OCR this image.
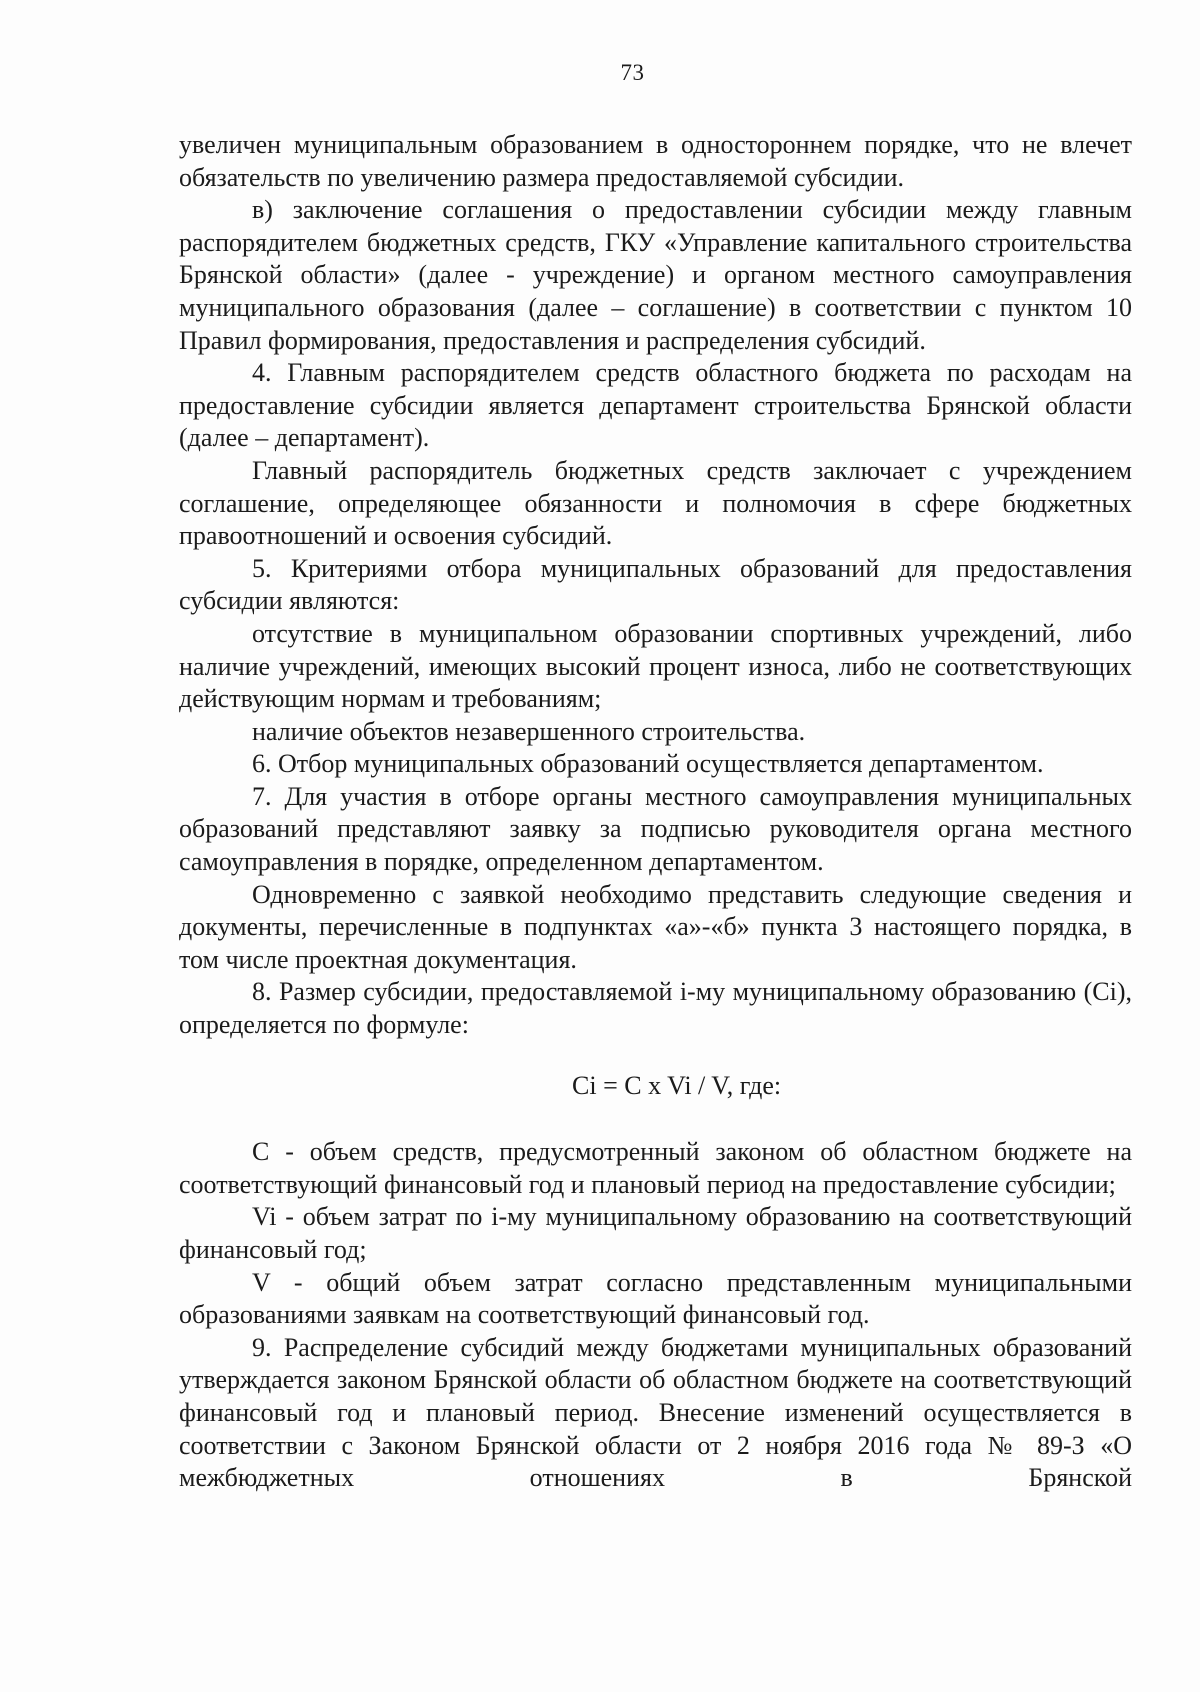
73

увеличен муниципальным образованием в одностороннем порядке, что не влечет обязательств по увеличению размера предоставляемой субсидии.

в) заключение соглашения о предоставлении субсидии между главным распорядителем бюджетных средств, ГКУ «Управление капитального строительства Брянской области» (далее - учреждение) и органом местного самоуправления муниципального образования (далее – соглашение) в соответствии с пунктом 10 Правил формирования, предоставления и распределения субсидий.

4. Главным распорядителем средств областного бюджета по расходам на предоставление субсидии является департамент строительства Брянской области (далее – департамент).

Главный распорядитель бюджетных средств заключает с учреждением соглашение, определяющее обязанности и полномочия в сфере бюджетных правоотношений и освоения субсидий.

5. Критериями отбора муниципальных образований для предоставления субсидии являются:

отсутствие в муниципальном образовании спортивных учреждений, либо наличие учреждений, имеющих высокий процент износа, либо не соответствующих действующим нормам и требованиям;

наличие объектов незавершенного строительства.

6. Отбор муниципальных образований осуществляется департаментом.

7. Для участия в отборе органы местного самоуправления муниципальных образований представляют заявку за подписью руководителя органа местного самоуправления в порядке, определенном департаментом.

Одновременно с заявкой необходимо представить следующие сведения и документы, перечисленные в подпунктах «а»-«б» пункта 3 настоящего порядка, в том числе проектная документация.

8. Размер субсидии, предоставляемой i-му муниципальному образованию (Ci), определяется по формуле:

Ci = C x Vi / V, где:

C - объем средств, предусмотренный законом об областном бюджете на соответствующий финансовый год и плановый период на предоставление субсидии;

Vi - объем затрат по i-му муниципальному образованию на соответствующий финансовый год;

V - общий объем затрат согласно представленным муниципальными образованиями заявкам на соответствующий финансовый год.

9. Распределение субсидий между бюджетами муниципальных образований утверждается законом Брянской области об областном бюджете на соответствующий финансовый год и плановый период. Внесение изменений осуществляется в соответствии с Законом Брянской области от 2 ноября 2016 года № 89-З «О межбюджетных отношениях в Брянской
